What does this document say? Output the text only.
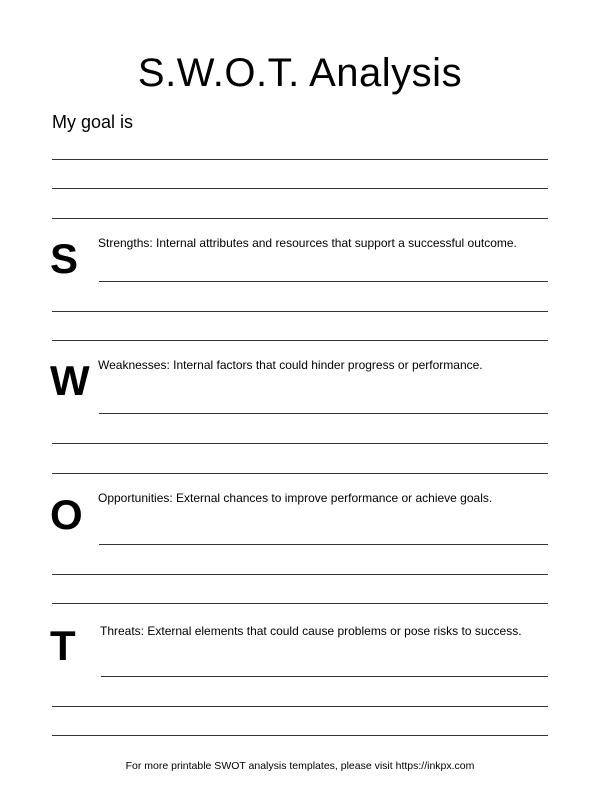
S.W.O.T. Analysis
My goal is
S Strengths: Internal attributes and resources that support a successful outcome.
W Weaknesses: Internal factors that could hinder progress or performance.
O Opportunities: External chances to improve performance or achieve goals.
T Threats: External elements that could cause problems or pose risks to success.
For more printable SWOT analysis templates, please visit https://inkpx.com
